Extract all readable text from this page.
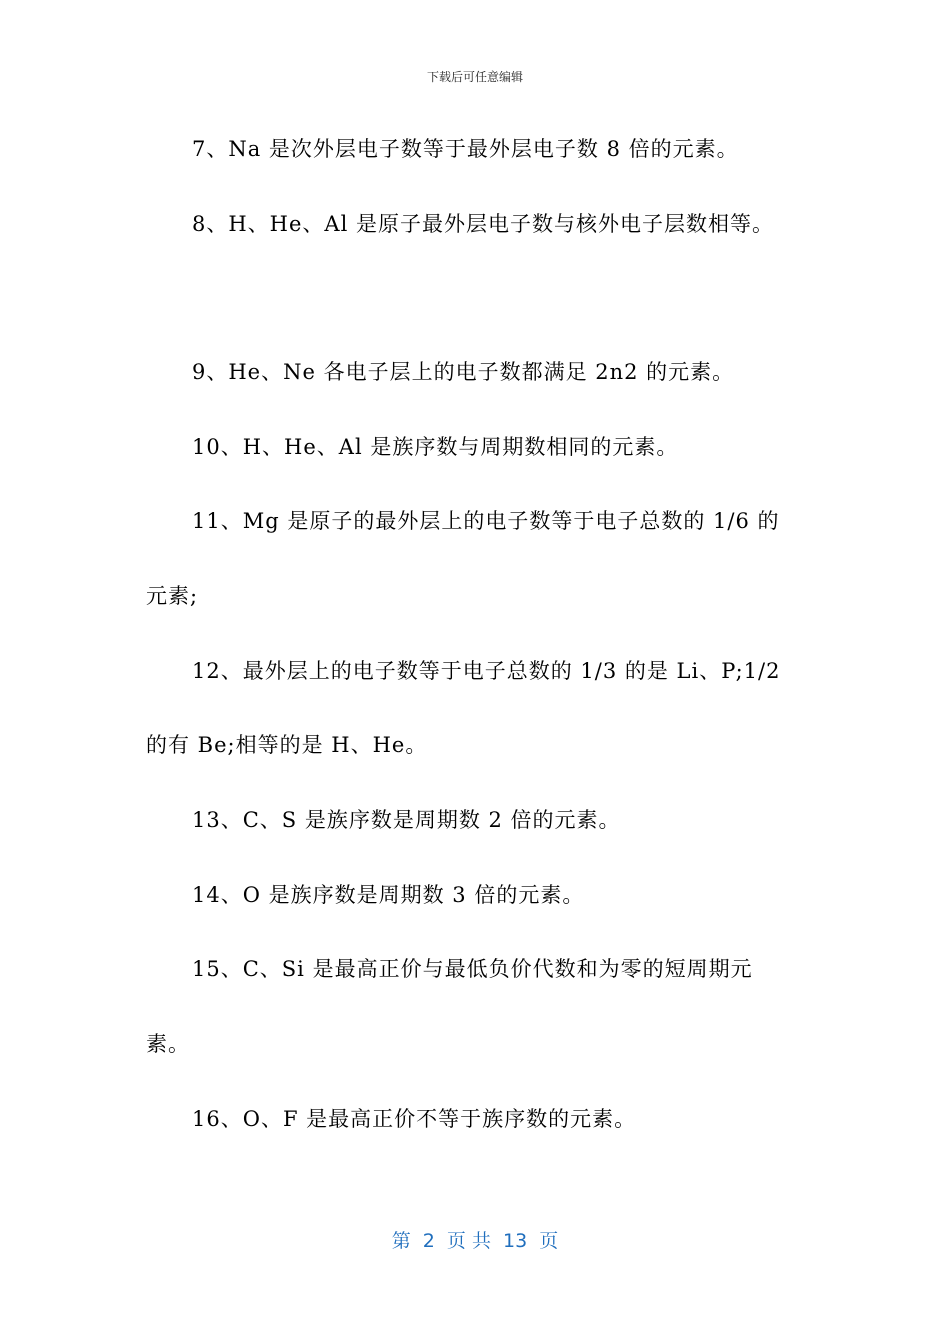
下载后可任意编辑
7、Na 是次外层电子数等于最外层电子数 8 倍的元素。
8、H、He、Al 是原子最外层电子数与核外电子层数相等。
9、He、Ne 各电子层上的电子数都满足 2n2 的元素。
10、H、He、Al 是族序数与周期数相同的元素。
11、Mg 是原子的最外层上的电子数等于电子总数的 1/6 的
元素;
12、最外层上的电子数等于电子总数的 1/3 的是 Li、P;1/2
的有 Be;相等的是 H、He。
13、C、S 是族序数是周期数 2 倍的元素。
14、O 是族序数是周期数 3 倍的元素。
15、C、Si 是最高正价与最低负价代数和为零的短周期元
素。
16、O、F 是最高正价不等于族序数的元素。
第  2  页 共  13  页
